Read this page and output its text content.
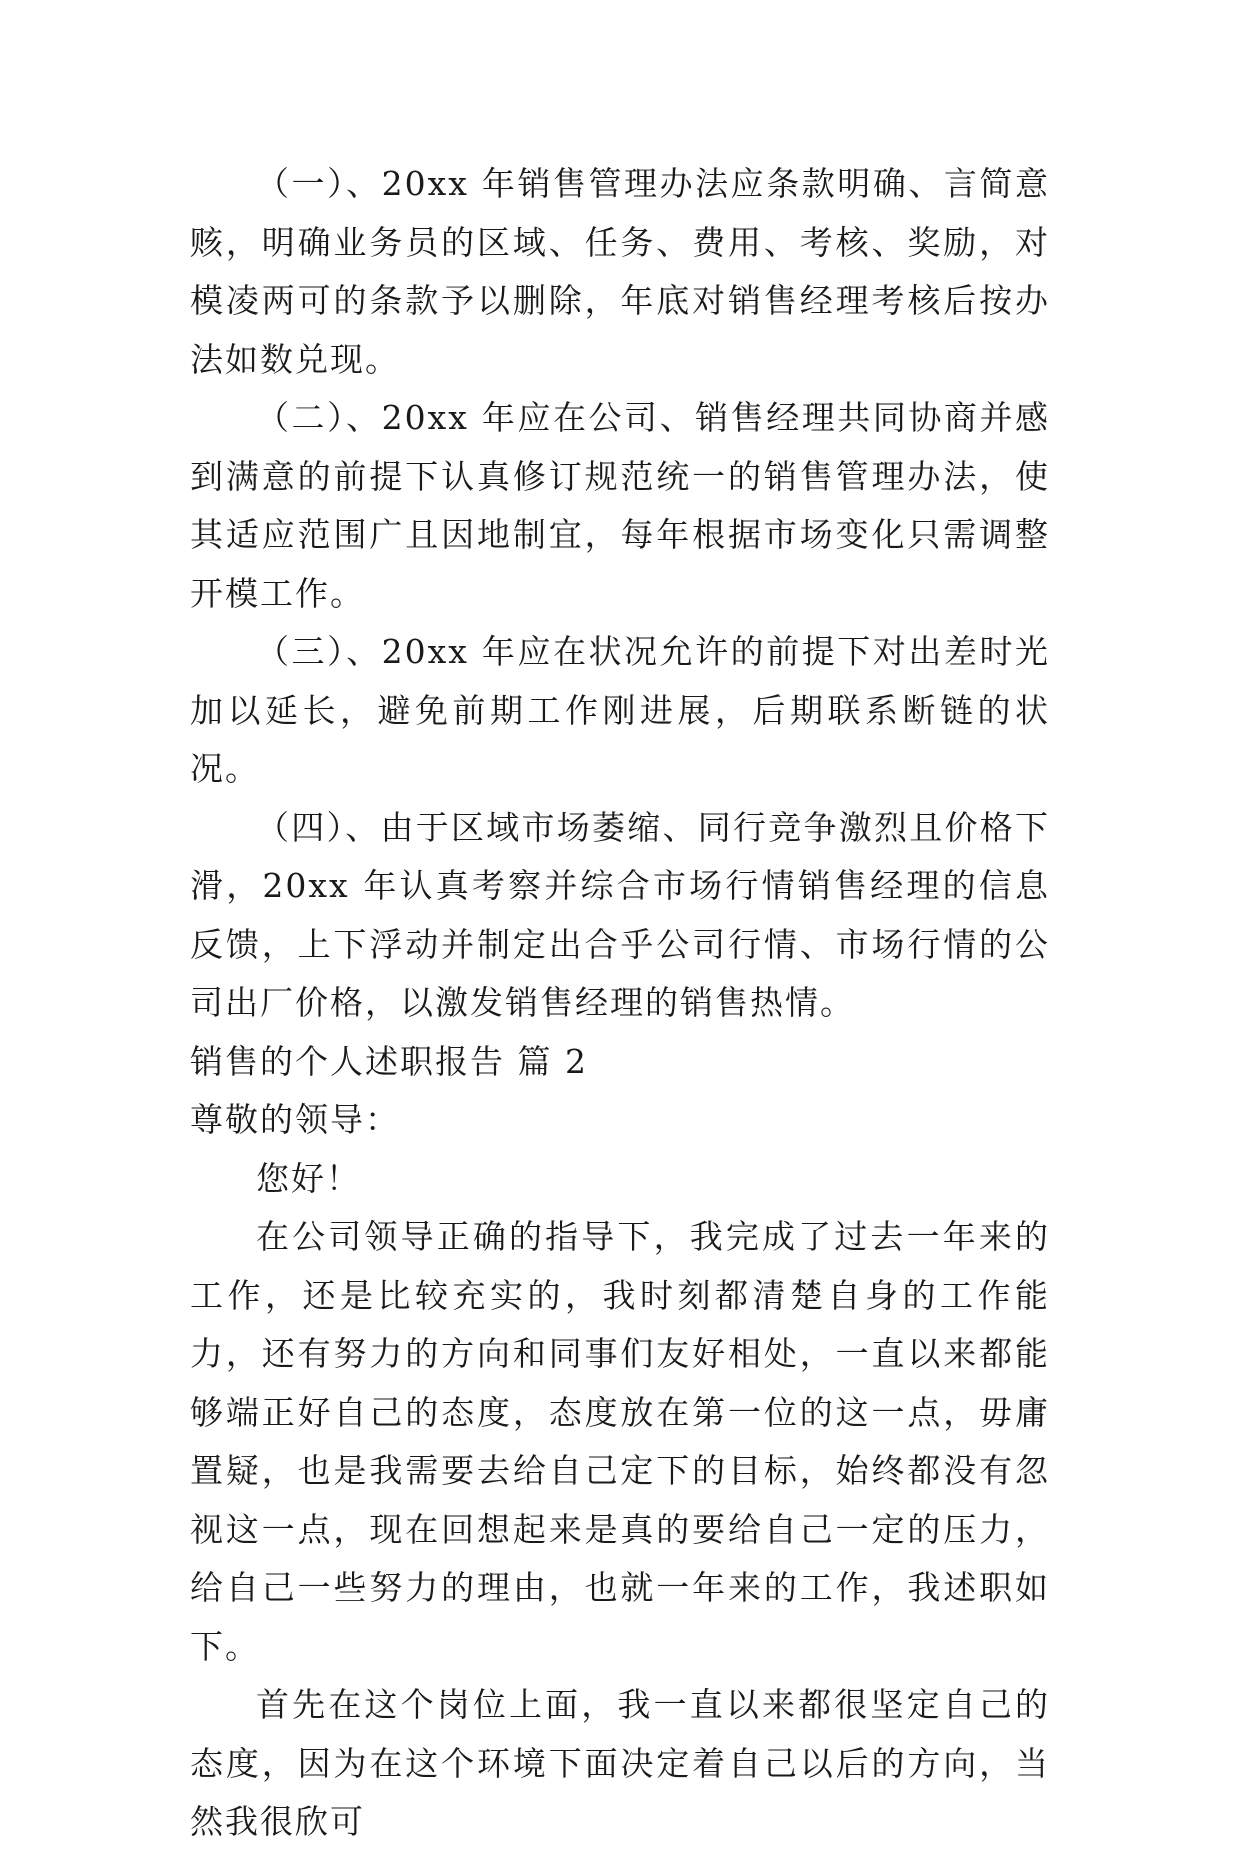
（一）、20xx 年销售管理办法应条款明确、言简意赅，明确业务员的区域、任务、费用、考核、奖励，对模凌两可的条款予以删除，年底对销售经理考核后按办法如数兑现。

（二）、20xx 年应在公司、销售经理共同协商并感到满意的前提下认真修订规范统一的销售管理办法，使其适应范围广且因地制宜，每年根据市场变化只需调整开模工作。

（三）、20xx 年应在状况允许的前提下对出差时光加以延长，避免前期工作刚进展，后期联系断链的状况。

（四）、由于区域市场萎缩、同行竞争激烈且价格下滑，20xx 年认真考察并综合市场行情销售经理的信息反馈，上下浮动并制定出合乎公司行情、市场行情的公司出厂价格，以激发销售经理的销售热情。

销售的个人述职报告 篇 2

尊敬的领导：

您好！

在公司领导正确的指导下，我完成了过去一年来的工作，还是比较充实的，我时刻都清楚自身的工作能力，还有努力的方向和同事们友好相处，一直以来都能够端正好自己的态度，态度放在第一位的这一点，毋庸置疑，也是我需要去给自己定下的目标，始终都没有忽视这一点，现在回想起来是真的要给自己一定的压力，给自己一些努力的理由，也就一年来的工作，我述职如下。

首先在这个岗位上面，我一直以来都很坚定自己的态度，因为在这个环境下面决定着自己以后的方向，当然我很欣可
